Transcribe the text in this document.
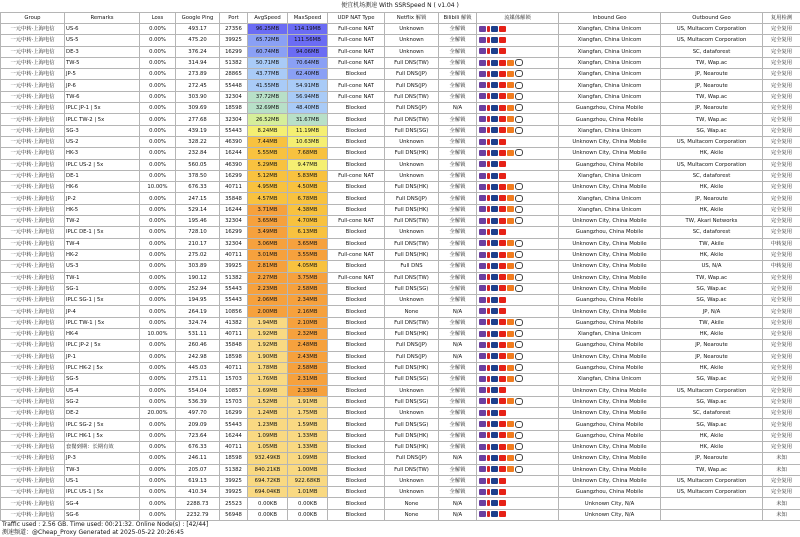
便宜机场测速 With SSRSpeed N ( v1.04 )
Group	Remarks	Loss	Google Ping	Port	AvgSpeed	MaxSpeed	UDP NAT Type	Netflix 解锁	Bilibili 解锁	流媒体解锁	Inbound Geo	Outbound Geo	复用检测
一元中转·上海电信	US-6	0.00%	493.17	27356	96.25MB	114.19MB	Full-cone NAT	Unknown	全解锁		Xiangfan, China Unicom	US, Multacom Corporation	完全复用
一元中转·上海电信	US-5	0.00%	475.20	39925	65.72MB	111.56MB	Full-cone NAT	Unknown	全解锁		Xiangfan, China Unicom	US, Multacom Corporation	完全复用
一元中转·上海电信	DE-3	0.00%	376.24	16299	60.74MB	94.06MB	Full-cone NAT	Unknown	全解锁		Xiangfan, China Unicom	SC, dataforest	完全复用
一元中转·上海电信	TW-5	0.00%	314.94	51382	50.71MB	70.64MB	Full-cone NAT	Full DNS(TW)	全解锁		Xiangfan, China Unicom	TW, Wap.ac	完全复用
一元中转·上海电信	JP-5	0.00%	273.89	28865	43.77MB	62.40MB	Blocked	Full DNS(JP)	全解锁		Xiangfan, China Unicom	JP, Nearoute	完全复用
一元中转·上海电信	JP-6	0.00%	272.45	55448	41.55MB	54.91MB	Full-cone NAT	Full DNS(JP)	全解锁		Xiangfan, China Unicom	JP, Nearoute	完全复用
一元中转·上海电信	TW-6	0.00%	303.90	32304	37.72MB	56.94MB	Full-cone NAT	Full DNS(TW)	全解锁		Xiangfan, China Unicom	TW, Wap.ac	完全复用
一元中转·上海电信	IPLC JP-1 | 5x	0.00%	309.69	18598	32.69MB	48.40MB	Blocked	Full DNS(JP)	N/A		Guangzhou, China Mobile	JP, Nearoute	完全复用
一元中转·上海电信	IPLC TW-2 | 5x	0.00%	277.68	32304	26.52MB	31.67MB	Blocked	Full DNS(TW)	全解锁		Guangzhou, China Mobile	TW, Wap.ac	完全复用
一元中转·上海电信	SG-3	0.00%	439.19	55443	8.24MB	11.19MB	Blocked	Full DNS(SG)	全解锁		Xiangfan, China Unicom	SG, Wap.ac	完全复用
一元中转·上海电信	US-2	0.00%	328.22	46390	7.44MB	10.63MB	Blocked	Unknown	全解锁		Unknown City, China Mobile	US, Multacom Corporation	完全复用
一元中转·上海电信	HK-3	0.00%	232.84	16244	5.55MB	7.68MB	Blocked	Full DNS(HK)	全解锁		Unknown City, China Mobile	HK, Akile	完全复用
一元中转·上海电信	IPLC US-2 | 5x	0.00%	560.05	46390	5.29MB	9.47MB	Blocked	Unknown	全解锁		Guangzhou, China Mobile	US, Multacom Corporation	完全复用
一元中转·上海电信	DE-1	0.00%	378.50	16299	5.12MB	5.83MB	Full-cone NAT	Unknown	全解锁		Xiangfan, China Unicom	SC, dataforest	完全复用
一元中转·上海电信	HK-6	10.00%	676.33	40711	4.95MB	4.50MB	Blocked	Full DNS(HK)	全解锁		Unknown City, China Mobile	HK, Akile	完全复用
一元中转·上海电信	JP-2	0.00%	247.15	35848	4.57MB	6.78MB	Blocked	Full DNS(JP)	全解锁		Xiangfan, China Unicom	JP, Nearoute	完全复用
一元中转·上海电信	HK-5	0.00%	529.14	16244	3.71MB	4.38MB	Blocked	Full DNS(HK)	全解锁		Xiangfan, China Unicom	HK, Akile	完全复用
一元中转·上海电信	TW-2	0.00%	195.46	32304	3.65MB	4.70MB	Full-cone NAT	Full DNS(TW)	全解锁		Unknown City, China Mobile	TW, Akari Networks	完全复用
一元中转·上海电信	IPLC DE-1 | 5x	0.00%	728.10	16299	3.49MB	6.13MB	Blocked	Unknown	全解锁		Guangzhou, China Mobile	SC, dataforest	完全复用
一元中转·上海电信	TW-4	0.00%	210.17	32304	3.06MB	3.65MB	Blocked	Full DNS(TW)	全解锁		Unknown City, China Mobile	TW, Akile	中转复用
一元中转·上海电信	HK-2	0.00%	275.02	40711	3.01MB	3.55MB	Full-cone NAT	Full DNS(HK)	全解锁		Unknown City, China Mobile	HK, Akile	完全复用
一元中转·上海电信	US-3	0.00%	303.89	39925	2.81MB	4.05MB	Blocked	Full DNS	全解锁		Unknown City, China Mobile	US, N/A	中转复用
一元中转·上海电信	TW-1	0.00%	190.12	51382	2.27MB	3.75MB	Full-cone NAT	Full DNS(TW)	全解锁		Unknown City, China Mobile	TW, Wap.ac	完全复用
一元中转·上海电信	SG-1	0.00%	252.94	55443	2.23MB	2.58MB	Blocked	Full DNS(SG)	全解锁		Unknown City, China Mobile	SG, Wap.ac	完全复用
一元中转·上海电信	IPLC SG-1 | 5x	0.00%	194.95	55443	2.06MB	2.34MB	Blocked	Unknown	全解锁		Guangzhou, China Mobile	SG, Wap.ac	完全复用
一元中转·上海电信	JP-4	0.00%	264.19	10856	2.00MB	2.16MB	Blocked	None	N/A		Unknown City, China Mobile	JP, N/A	完全复用
一元中转·上海电信	IPLC TW-1 | 5x	0.00%	324.74	41382	1.94MB	2.10MB	Blocked	Full DNS(TW)	全解锁		Guangzhou, China Mobile	TW, Akile	完全复用
一元中转·上海电信	HK-4	10.00%	531.11	40711	1.92MB	2.32MB	Blocked	Full DNS(HK)	全解锁		Xiangfan, China Unicom	HK, Akile	完全复用
一元中转·上海电信	IPLC JP-2 | 5x	0.00%	260.46	35848	1.92MB	2.48MB	Blocked	Full DNS(JP)	N/A		Guangzhou, China Mobile	JP, Nearoute	完全复用
一元中转·上海电信	JP-1	0.00%	242.98	18598	1.90MB	2.43MB	Blocked	Full DNS(JP)	N/A		Unknown City, China Mobile	JP, Nearoute	完全复用
一元中转·上海电信	IPLC HK-2 | 5x	0.00%	445.03	40711	1.78MB	2.58MB	Blocked	Full DNS(HK)	全解锁		Guangzhou, China Mobile	HK, Akile	完全复用
一元中转·上海电信	SG-5	0.00%	275.11	15703	1.76MB	2.31MB	Blocked	Full DNS(SG)	全解锁		Xiangfan, China Unicom	SG, Wap.ac	完全复用
一元中转·上海电信	US-4	0.00%	554.04	10857	1.69MB	2.33MB	Blocked	Unknown	全解锁		Unknown City, China Mobile	US, Multacom Corporation	完全复用
一元中转·上海电信	SG-2	0.00%	536.39	15703	1.52MB	1.91MB	Blocked	Full DNS(SG)	全解锁		Unknown City, China Mobile	SG, Wap.ac	完全复用
一元中转·上海电信	DE-2	20.00%	497.70	16299	1.24MB	1.75MB	Blocked	Unknown	全解锁		Unknown City, China Mobile	SC, dataforest	完全复用
一元中转·上海电信	IPLC SG-2 | 5x	0.00%	209.09	55443	1.23MB	1.59MB	Blocked	Full DNS(SG)	全解锁		Guangzhou, China Mobile	SG, Wap.ac	完全复用
一元中转·上海电信	IPLC HK-1 | 5x	0.00%	723.64	16244	1.09MB	1.33MB	Blocked	Full DNS(HK)	全解锁		Guangzhou, China Mobile	HK, Akile	完全复用
一元中转·上海电信	套餐到期：长期有效	0.00%	676.33	40711	1.05MB	1.33MB	Blocked	Full DNS(HK)	全解锁		Unknown City, China Mobile	HK, Akile	完全复用
一元中转·上海电信	JP-3	0.00%	246.11	18598	932.49KB	1.09MB	Blocked	Full DNS(JP)	N/A		Unknown City, China Mobile	JP, Nearoute	未知
一元中转·上海电信	TW-3	0.00%	205.07	51382	840.21KB	1.00MB	Blocked	Full DNS(TW)	全解锁		Unknown City, China Mobile	TW, Wap.ac	未知
一元中转·上海电信	US-1	0.00%	619.13	39925	694.72KB	922.68KB	Blocked	Unknown	全解锁		Unknown City, China Mobile	US, Multacom Corporation	完全复用
一元中转·上海电信	IPLC US-1 | 5x	0.00%	410.34	39925	694.04KB	1.01MB	Blocked	Unknown	全解锁		Guangzhou, China Mobile	US, Multacom Corporation	完全复用
一元中转·上海电信	SG-4	0.00%	2288.73	25523	0.00KB	0.00KB	Blocked	None	N/A		Unknown City, N/A		未知
一元中转·上海电信	SG-6	0.00%	2232.79	56948	0.00KB	0.00KB	Blocked	None	N/A		Unknown City, N/A		未知
Traffic used : 2.56 GB. Time used: 00:21:32. Online Node(s) : [42/44]
测速频道：@Cheap_Proxy Generated at 2025-05-22 20:26:45
